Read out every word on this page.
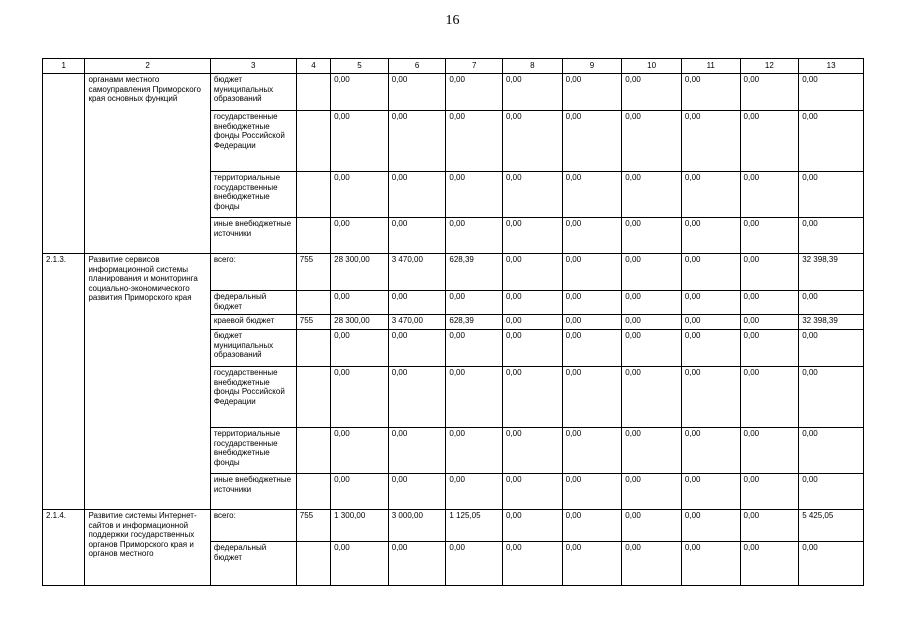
16
1	2	3	4	5	6	7	8	9	10	11	12	13
	органами местного самоуправления Приморского края основных функций	бюджет муниципальных образований		0,00	0,00	0,00	0,00	0,00	0,00	0,00	0,00	0,00
		государственные внебюджетные фонды Российской Федерации		0,00	0,00	0,00	0,00	0,00	0,00	0,00	0,00	0,00
		территориальные государственные внебюджетные фонды		0,00	0,00	0,00	0,00	0,00	0,00	0,00	0,00	0,00
		иные внебюджетные источники		0,00	0,00	0,00	0,00	0,00	0,00	0,00	0,00	0,00
2.1.3.	Развитие сервисов информационной системы планирования и мониторинга социально-экономического развития Приморского края	всего:	755	28 300,00	3 470,00	628,39	0,00	0,00	0,00	0,00	0,00	32 398,39
		федеральный бюджет		0,00	0,00	0,00	0,00	0,00	0,00	0,00	0,00	0,00
		краевой бюджет	755	28 300,00	3 470,00	628,39	0,00	0,00	0,00	0,00	0,00	32 398,39
		бюджет муниципальных образований		0,00	0,00	0,00	0,00	0,00	0,00	0,00	0,00	0,00
		государственные внебюджетные фонды Российской Федерации		0,00	0,00	0,00	0,00	0,00	0,00	0,00	0,00	0,00
		территориальные государственные внебюджетные фонды		0,00	0,00	0,00	0,00	0,00	0,00	0,00	0,00	0,00
		иные внебюджетные источники		0,00	0,00	0,00	0,00	0,00	0,00	0,00	0,00	0,00
2.1.4.	Развитие системы Интернет-сайтов и информационной поддержки государственных органов Приморского края и органов местного	всего:	755	1 300,00	3 000,00	1 125,05	0,00	0,00	0,00	0,00	0,00	5 425,05
		федеральный бюджет		0,00	0,00	0,00	0,00	0,00	0,00	0,00	0,00	0,00
